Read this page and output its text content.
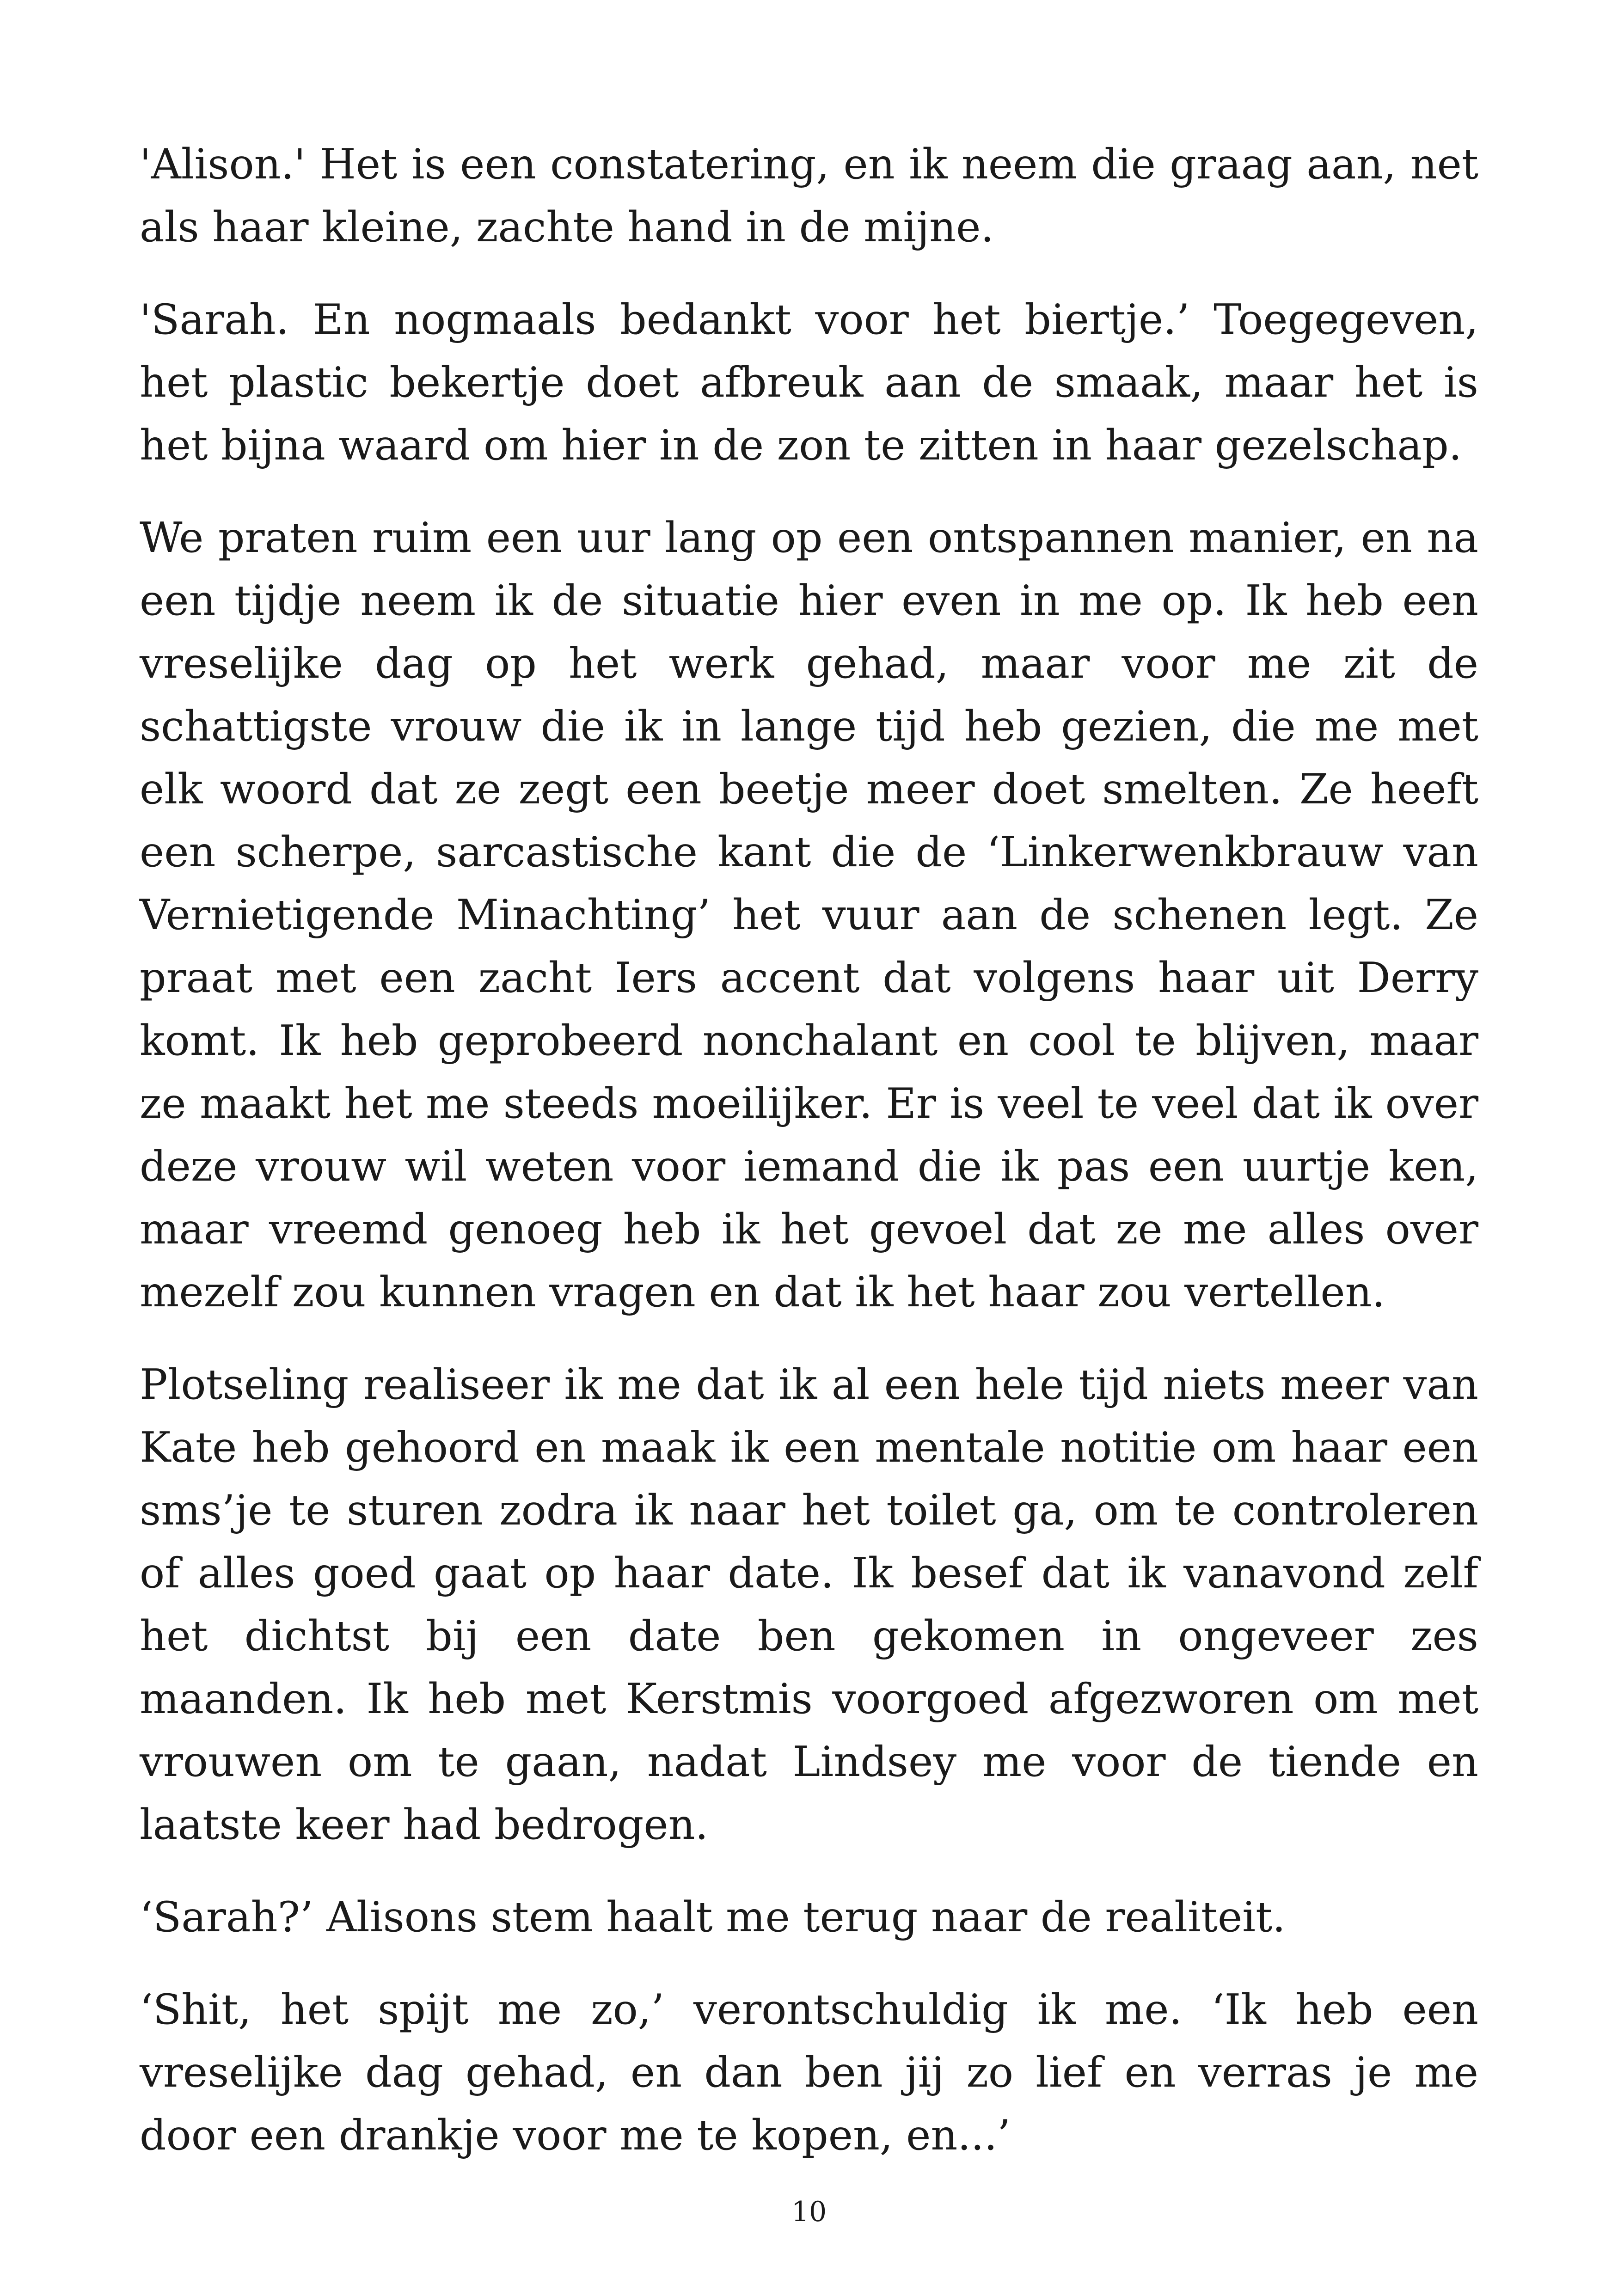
'Alison.' Het is een constatering, en ik neem die graag aan, net als haar kleine, zachte hand in de mijne.

'Sarah. En nogmaals bedankt voor het biertje.’ Toegegeven, het plastic bekertje doet afbreuk aan de smaak, maar het is het bijna waard om hier in de zon te zitten in haar gezelschap.

We praten ruim een uur lang op een ontspannen manier, en na een tijdje neem ik de situatie hier even in me op. Ik heb een vreselijke dag op het werk gehad, maar voor me zit de schattigste vrouw die ik in lange tijd heb gezien, die me met elk woord dat ze zegt een beetje meer doet smelten. Ze heeft een scherpe, sarcastische kant die de ‘Linkerwenkbrauw van Vernietigende Minachting’ het vuur aan de schenen legt. Ze praat met een zacht Iers accent dat volgens haar uit Derry komt. Ik heb geprobeerd nonchalant en cool te blijven, maar ze maakt het me steeds moeilijker. Er is veel te veel dat ik over deze vrouw wil weten voor iemand die ik pas een uurtje ken, maar vreemd genoeg heb ik het gevoel dat ze me alles over mezelf zou kunnen vragen en dat ik het haar zou vertellen.

Plotseling realiseer ik me dat ik al een hele tijd niets meer van Kate heb gehoord en maak ik een mentale notitie om haar een sms’je te sturen zodra ik naar het toilet ga, om te controleren of alles goed gaat op haar date. Ik besef dat ik vanavond zelf het dichtst bij een date ben gekomen in ongeveer zes maanden. Ik heb met Kerstmis voorgoed afgezworen om met vrouwen om te gaan, nadat Lindsey me voor de tiende en laatste keer had bedrogen.

‘Sarah?’ Alisons stem haalt me terug naar de realiteit.

‘Shit, het spijt me zo,’ verontschuldig ik me. ‘Ik heb een vreselijke dag gehad, en dan ben jij zo lief en verras je me door een drankje voor me te kopen, en...’

10
